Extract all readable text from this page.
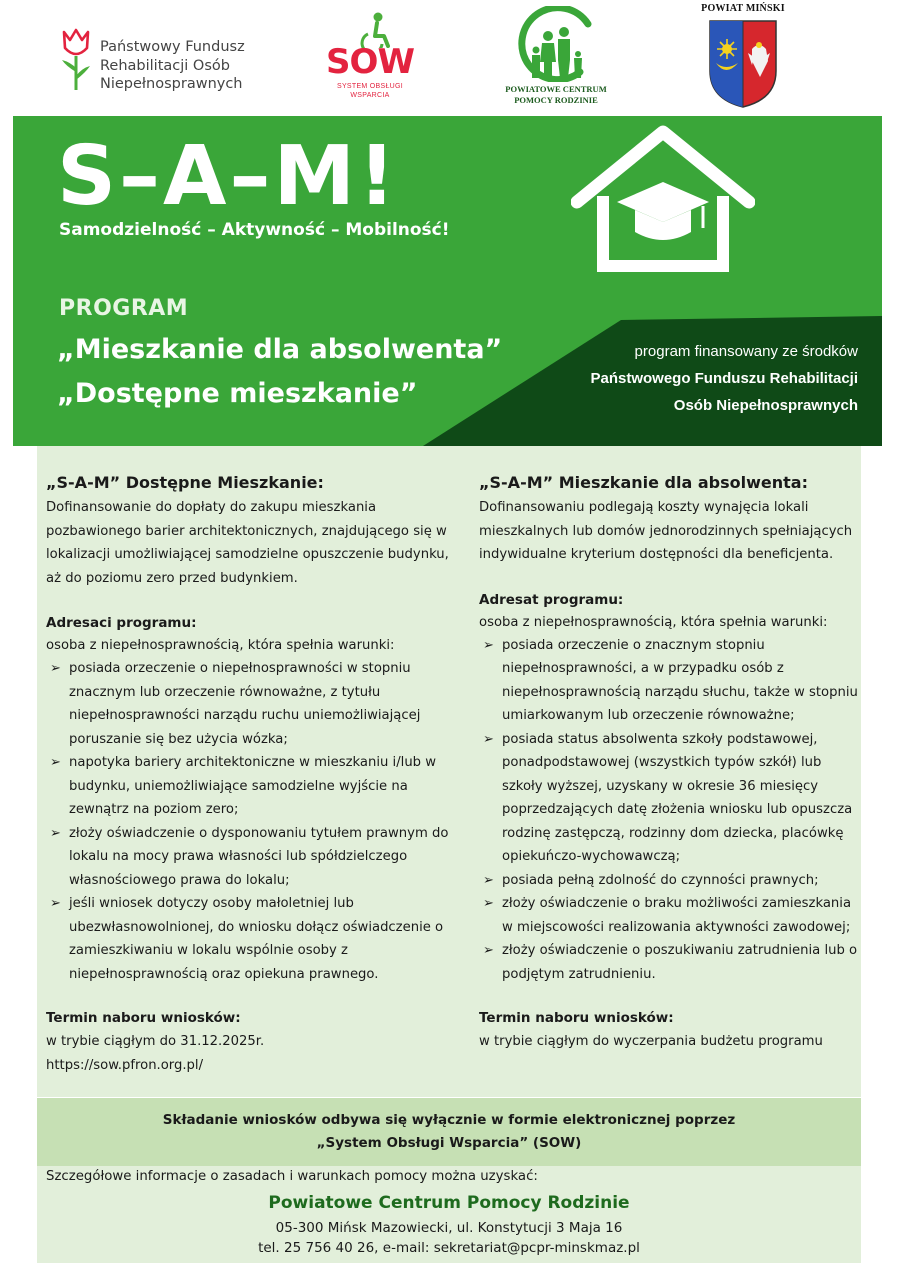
Państwowy Fundusz
Rehabilitacji Osób
Niepełnosprawnych
SOW
SYSTEM OBSŁUGI
WSPARCIA
POWIATOWE CENTRUM
POMOCY RODZINIE
POWIAT MIŃSKI
S–A–M!
Samodzielność – Aktywność – Mobilność!
PROGRAM
„Mieszkanie dla absolwenta”
„Dostępne mieszkanie”
program finansowany ze środków
Państwowego Funduszu Rehabilitacji
Osób Niepełnosprawnych
„S-A-M” Dostępne Mieszkanie:

Dofinansowanie do dopłaty do zakupu mieszkania pozbawionego barier architektonicznych, znajdującego się w lokalizacji umożliwiającej samodzielne opuszczenie budynku, aż do poziomu zero przed budynkiem.

Adresaci programu:

osoba z niepełnosprawnością, która spełnia warunki:

➢ posiada orzeczenie o niepełnosprawności w stopniu znacznym lub orzeczenie równoważne, z tytułu niepełnosprawności narządu ruchu uniemożliwiającej poruszanie się bez użycia wózka;
➢ napotyka bariery architektoniczne w mieszkaniu i/lub w budynku, uniemożliwiające samodzielne wyjście na zewnątrz na poziom zero;
➢ złoży oświadczenie o dysponowaniu tytułem prawnym do lokalu na mocy prawa własności lub spółdzielczego własnościowego prawa do lokalu;
➢ jeśli wniosek dotyczy osoby małoletniej lub ubezwłasnowolnionej, do wniosku dołącz oświadczenie o zamieszkiwaniu w lokalu wspólnie osoby z niepełnosprawnością oraz opiekuna prawnego.
Termin naboru wniosków:

w trybie ciągłym do 31.12.2025r.

https://sow.pfron.org.pl/

„S-A-M” Mieszkanie dla absolwenta:

Dofinansowaniu podlegają koszty wynajęcia lokali mieszkalnych lub domów jednorodzinnych spełniających indywidualne kryterium dostępności dla beneficjenta.

Adresat programu:

osoba z niepełnosprawnością, która spełnia warunki:

➢ posiada orzeczenie o znacznym stopniu niepełnosprawności, a w przypadku osób z niepełnosprawnością narządu słuchu, także w stopniu umiarkowanym lub orzeczenie równoważne;
➢ posiada status absolwenta szkoły podstawowej, ponadpodstawowej (wszystkich typów szkół) lub szkoły wyższej, uzyskany w okresie 36 miesięcy poprzedzających datę złożenia wniosku lub opuszcza rodzinę zastępczą, rodzinny dom dziecka, placówkę opiekuńczo-wychowawczą;
➢ posiada pełną zdolność do czynności prawnych;
➢ złoży oświadczenie o braku możliwości zamieszkania w miejscowości realizowania aktywności zawodowej;
➢ złoży oświadczenie o poszukiwaniu zatrudnienia lub o podjętym zatrudnieniu.
Termin naboru wniosków:

w trybie ciągłym do wyczerpania budżetu programu

Składanie wniosków odbywa się wyłącznie w formie elektronicznej poprzez
„System Obsługi Wsparcia” (SOW)
Szczegółowe informacje o zasadach i warunkach pomocy można uzyskać:
Powiatowe Centrum Pomocy Rodzinie
05-300 Mińsk Mazowiecki, ul. Konstytucji 3 Maja 16
tel. 25 756 40 26, e-mail: sekretariat@pcpr-minskmaz.pl
